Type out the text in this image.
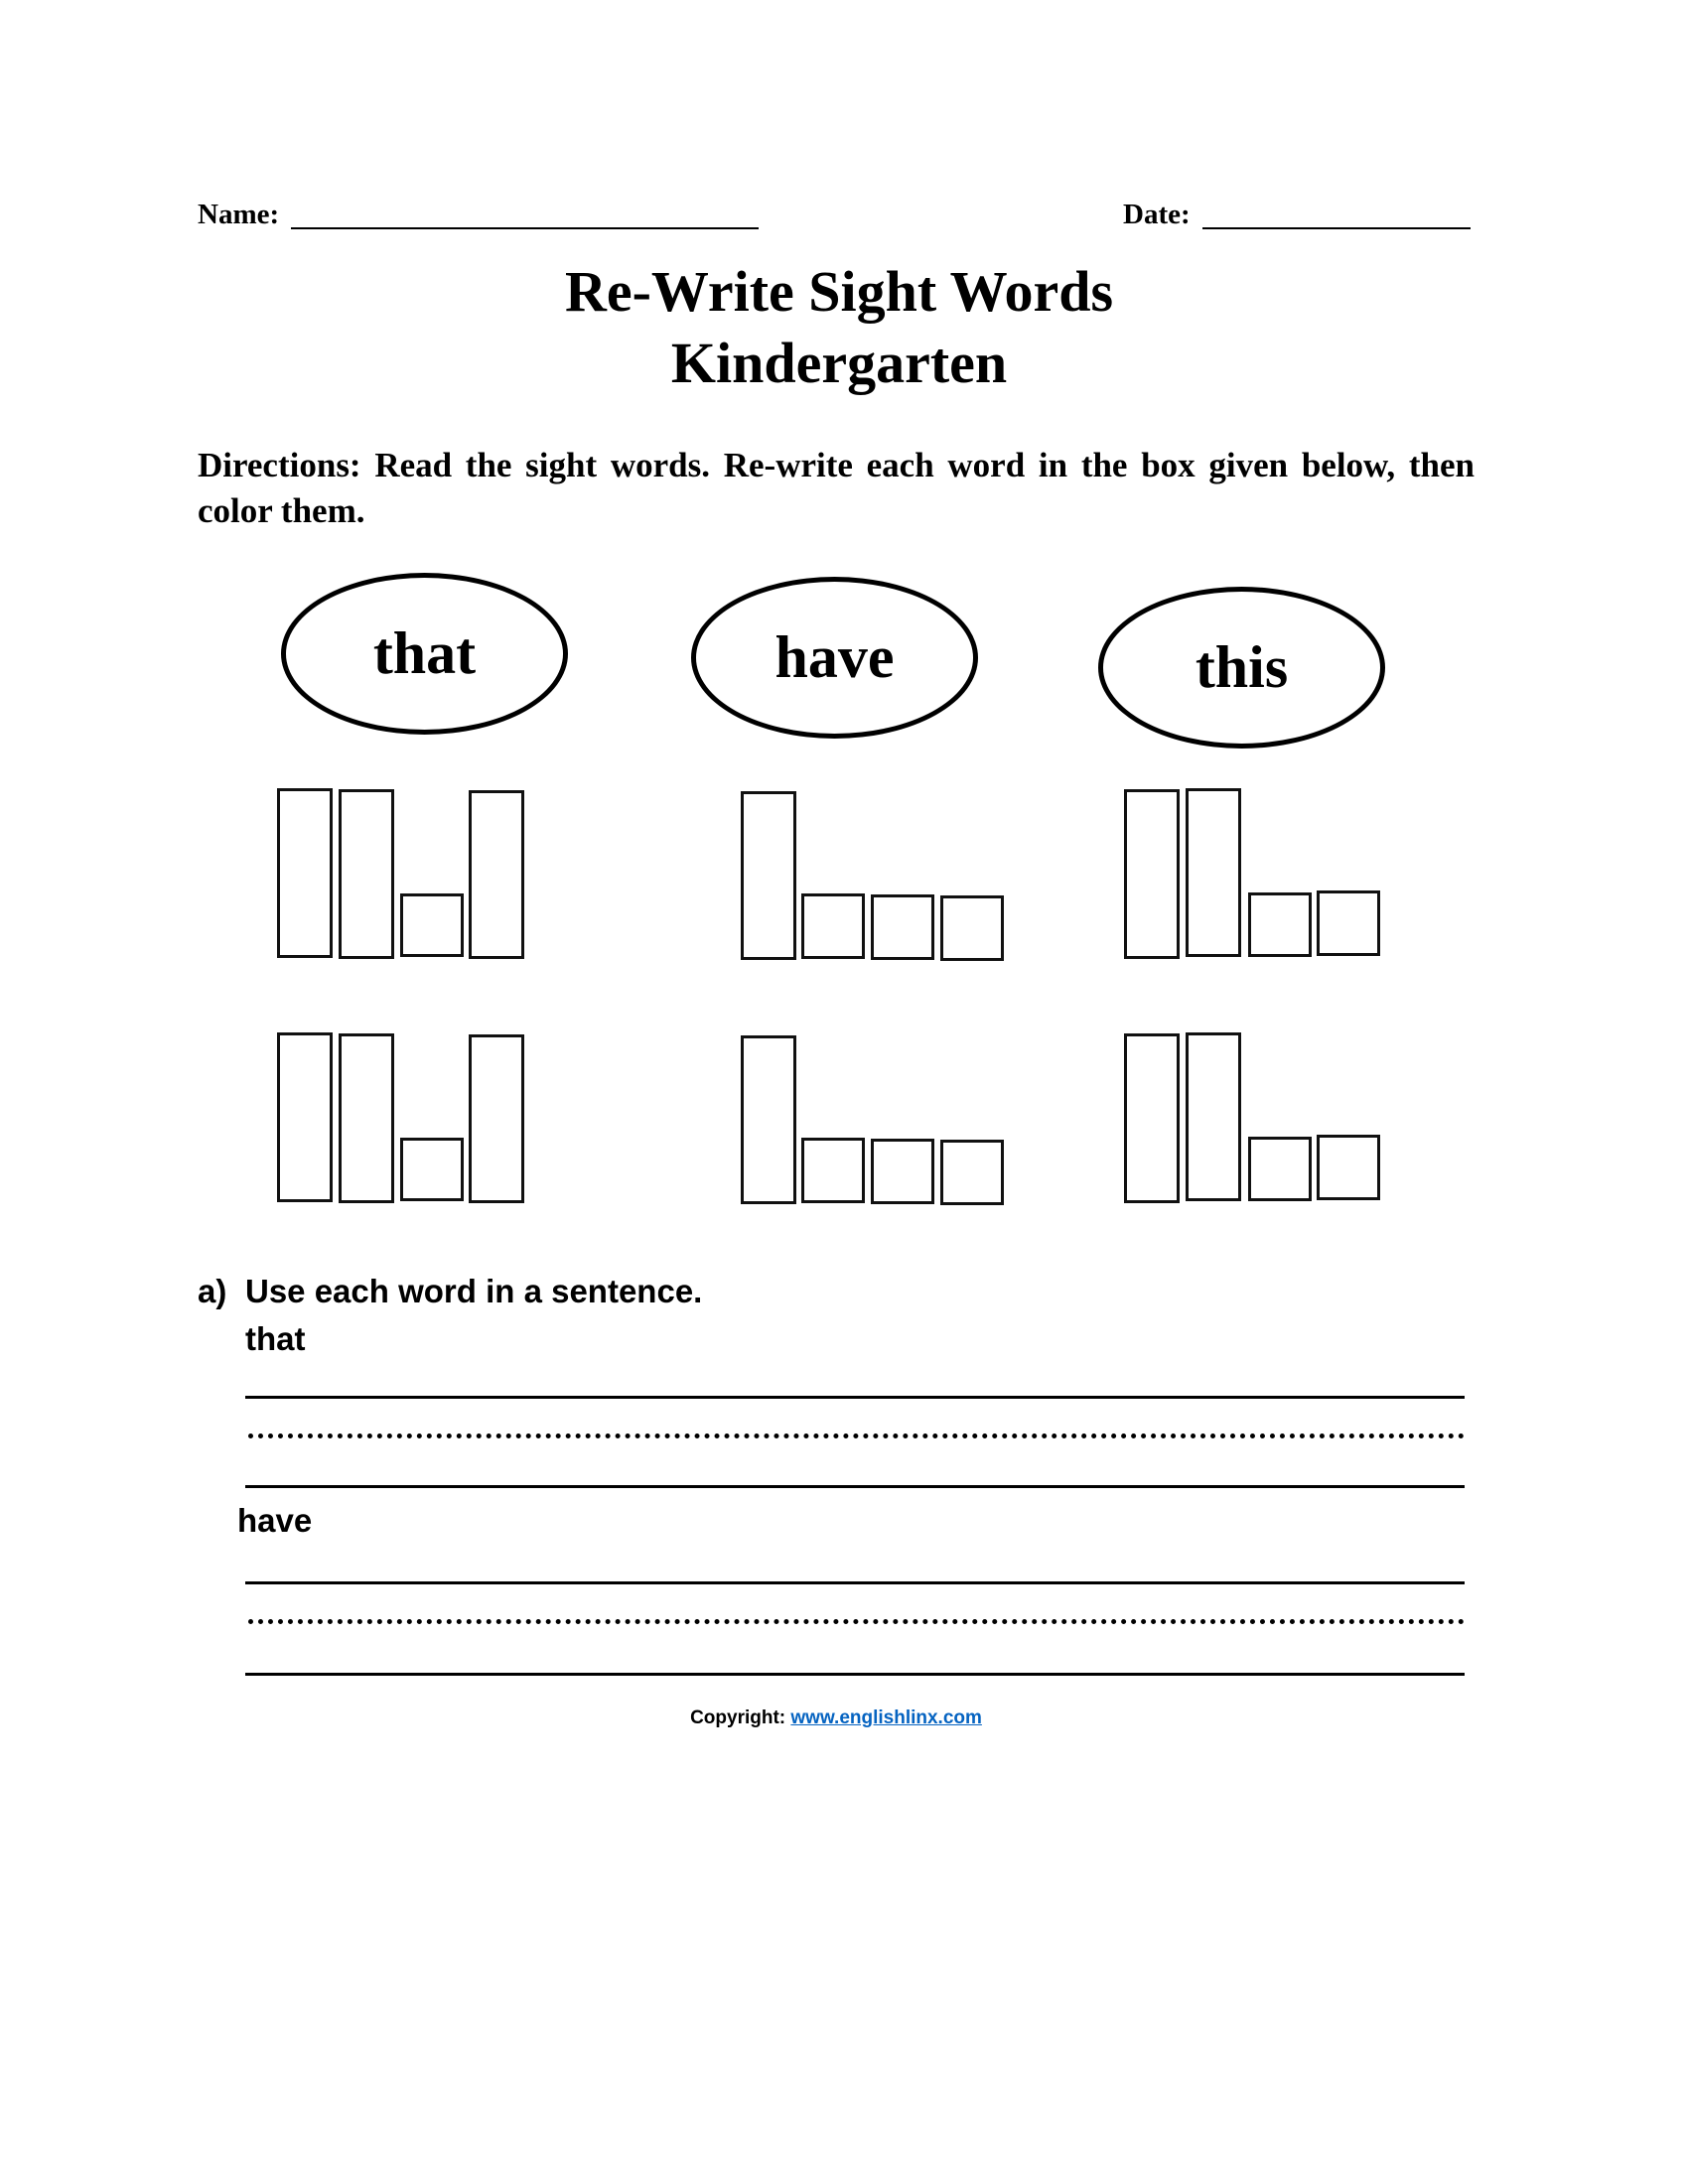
Name:	Date:
Re-Write Sight Words
Kindergarten
Directions: Read the sight words. Re-write each word in the box given below, then color them.
that	have	this
a) Use each word in a sentence.
that
have
Copyright: www.englishlinx.com
